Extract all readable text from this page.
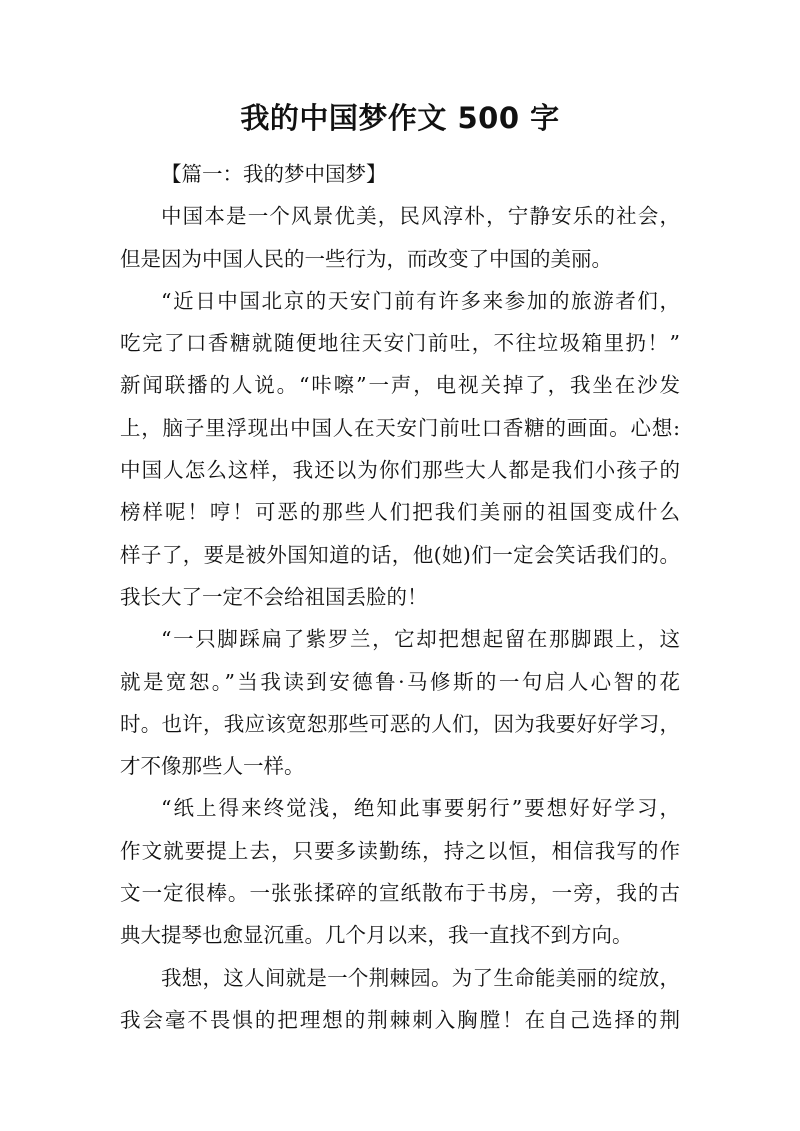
我的中国梦作文 500 字
【篇一：我的梦中国梦】
中国本是一个风景优美，民风淳朴，宁静安乐的社会，
但是因为中国人民的一些行为，而改变了中国的美丽。
“近日中国北京的天安门前有许多来参加的旅游者们，
吃完了口香糖就随便地往天安门前吐，不往垃圾箱里扔！”
新闻联播的人说。“咔嚓”一声，电视关掉了，我坐在沙发
上，脑子里浮现出中国人在天安门前吐口香糖的画面。心想:
中国人怎么这样，我还以为你们那些大人都是我们小孩子的
榜样呢！哼！可恶的那些人们把我们美丽的祖国变成什么
样子了，要是被外国知道的话，他(她)们一定会笑话我们的。
我长大了一定不会给祖国丢脸的！
“一只脚踩扁了紫罗兰，它却把想起留在那脚跟上，这
就是宽恕。”当我读到安德鲁·马修斯的一句启人心智的花
时。也许，我应该宽恕那些可恶的人们，因为我要好好学习，
才不像那些人一样。
“纸上得来终觉浅，绝知此事要躬行”要想好好学习，
作文就要提上去，只要多读勤练，持之以恒，相信我写的作
文一定很棒。一张张揉碎的宣纸散布于书房，一旁，我的古
典大提琴也愈显沉重。几个月以来，我一直找不到方向。
我想，这人间就是一个荆棘园。为了生命能美丽的绽放，
我会毫不畏惧的把理想的荆棘刺入胸膛！在自己选择的荆
